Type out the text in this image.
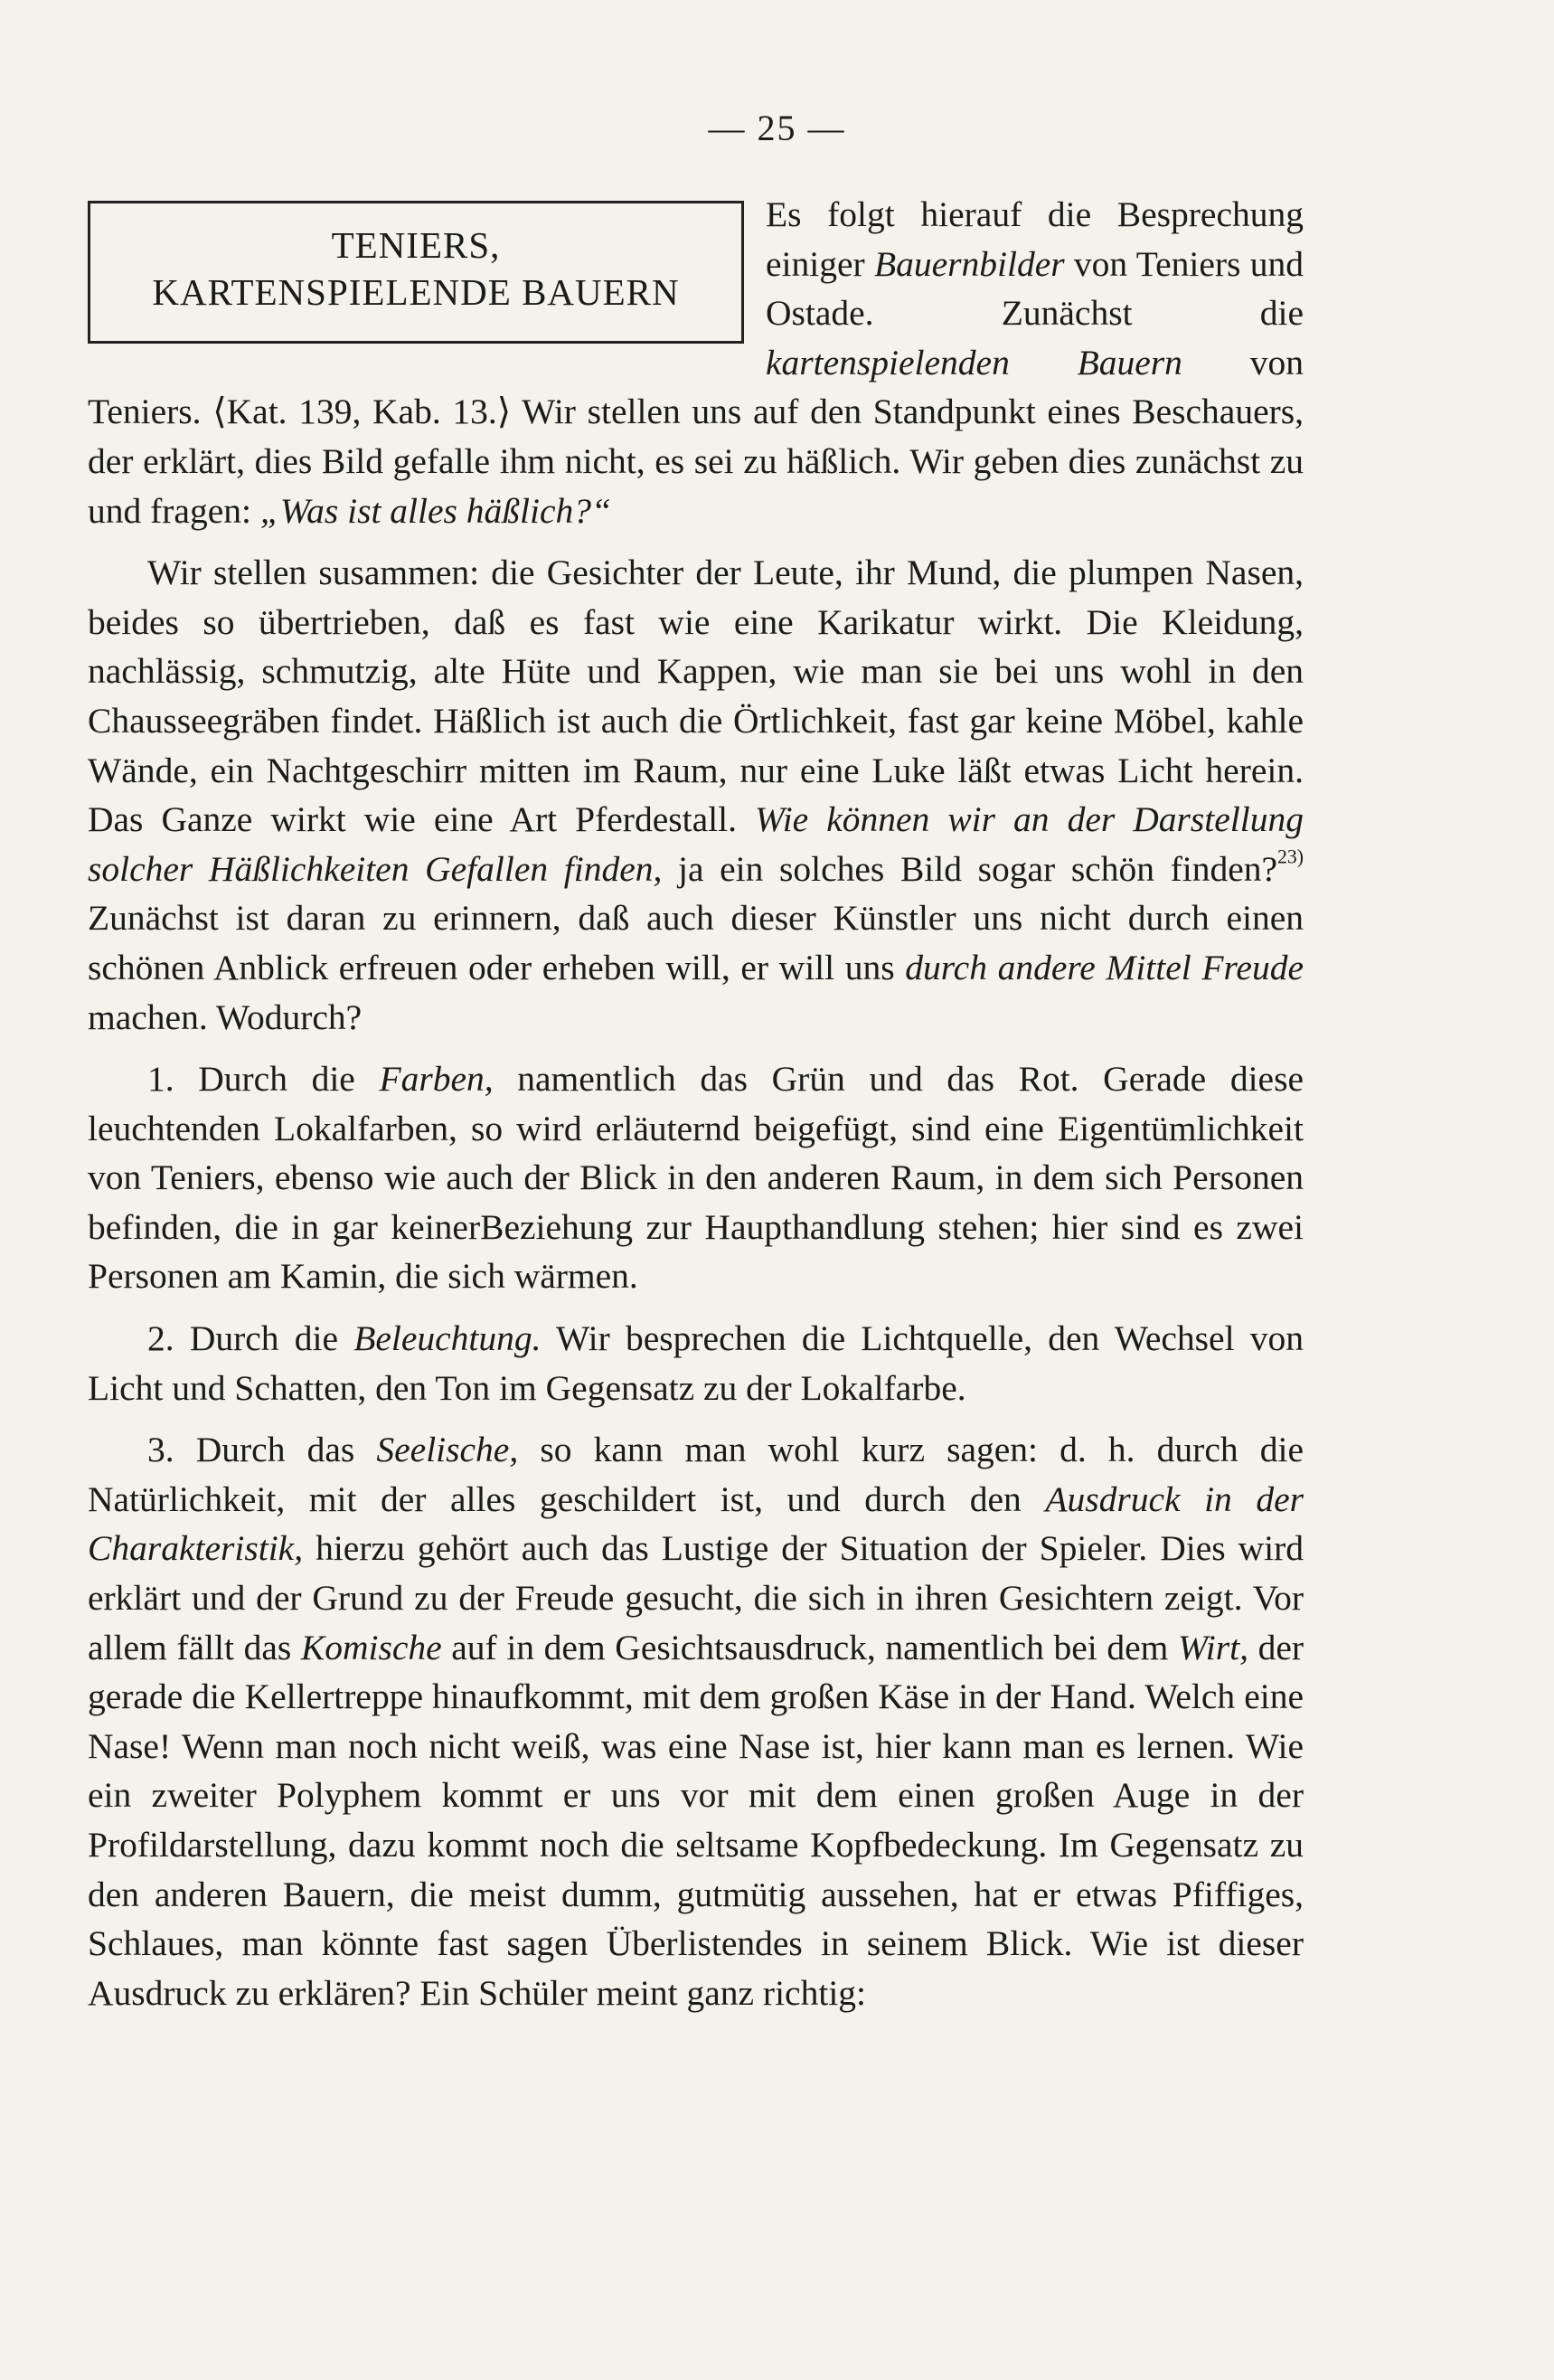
— 25 —
TENIERS,
KARTENSPIELENDE BAUERN

Es folgt hierauf die Besprechung einiger Bauernbilder von Teniers und Ostade. Zunächst die kartenspielenden Bauern von Teniers. ⟨Kat. 139, Kab. 13.⟩ Wir stellen uns auf den Standpunkt eines Beschauers, der erklärt, dies Bild gefalle ihm nicht, es sei zu häßlich. Wir geben dies zunächst zu und fragen: „Was ist alles häßlich?“

Wir stellen susammen: die Gesichter der Leute, ihr Mund, die plumpen Nasen, beides so übertrieben, daß es fast wie eine Karikatur wirkt. Die Kleidung, nachlässig, schmutzig, alte Hüte und Kappen, wie man sie bei uns wohl in den Chausseegräben findet. Häßlich ist auch die Örtlichkeit, fast gar keine Möbel, kahle Wände, ein Nachtgeschirr mitten im Raum, nur eine Luke läßt etwas Licht herein. Das Ganze wirkt wie eine Art Pferdestall. Wie können wir an der Darstellung solcher Häßlichkeiten Gefallen finden, ja ein solches Bild sogar schön finden?$^{23)}$ Zunächst ist daran zu erinnern, daß auch dieser Künstler uns nicht durch einen schönen Anblick erfreuen oder erheben will, er will uns durch andere Mittel Freude machen. Wodurch?

1. Durch die Farben, namentlich das Grün und das Rot. Gerade diese leuchtenden Lokalfarben, so wird erläuternd beigefügt, sind eine Eigentümlichkeit von Teniers, ebenso wie auch der Blick in den anderen Raum, in dem sich Personen befinden, die in gar keinerBeziehung zur Haupthandlung stehen; hier sind es zwei Personen am Kamin, die sich wärmen.

2. Durch die Beleuchtung. Wir besprechen die Lichtquelle, den Wechsel von Licht und Schatten, den Ton im Gegensatz zu der Lokalfarbe.

3. Durch das Seelische, so kann man wohl kurz sagen: d. h. durch die Natürlichkeit, mit der alles geschildert ist, und durch den Ausdruck in der Charakteristik, hierzu gehört auch das Lustige der Situation der Spieler. Dies wird erklärt und der Grund zu der Freude gesucht, die sich in ihren Gesichtern zeigt. Vor allem fällt das Komische auf in dem Gesichtsausdruck, namentlich bei dem Wirt, der gerade die Kellertreppe hinaufkommt, mit dem großen Käse in der Hand. Welch eine Nase! Wenn man noch nicht weiß, was eine Nase ist, hier kann man es lernen. Wie ein zweiter Polyphem kommt er uns vor mit dem einen großen Auge in der Profildarstellung, dazu kommt noch die seltsame Kopfbedeckung. Im Gegensatz zu den anderen Bauern, die meist dumm, gutmütig aussehen, hat er etwas Pfiffiges, Schlaues, man könnte fast sagen Überlistendes in seinem Blick. Wie ist dieser Ausdruck zu erklären? Ein Schüler meint ganz richtig:
